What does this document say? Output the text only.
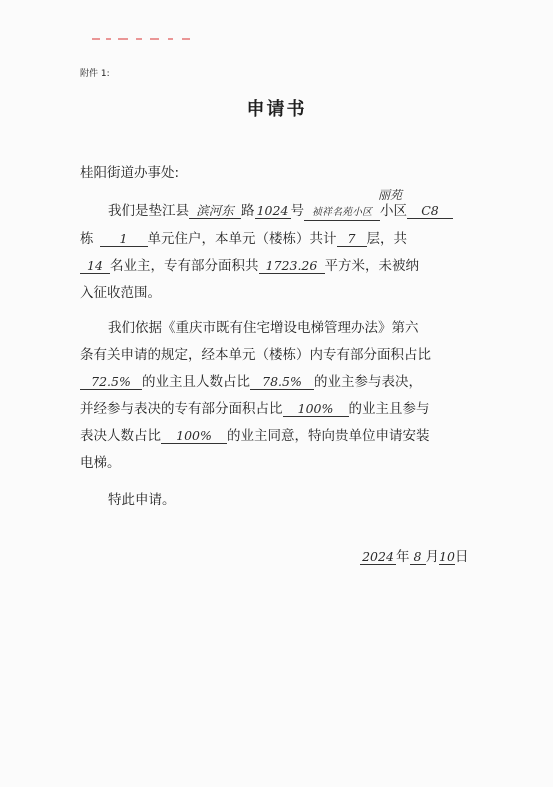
附件 1:
申请书
桂阳街道办事处:
我们是垫江县 滨河东 路 1024 号 祯祥名苑小区 小区 C8
丽苑
栋 1 单元住户，本单元（楼栋）共计 7 层，共
14 名业主，专有部分面积共 1723.26 平方米，未被纳
入征收范围。
我们依据《重庆市既有住宅增设电梯管理办法》第六
条有关申请的规定，经本单元（楼栋）内专有部分面积占比
72.5% 的业主且人数占比 78.5% 的业主参与表决，
并经参与表决的专有部分面积占比 100% 的业主且参与
表决人数占比 100% 的业主同意，特向贵单位申请安装
电梯。
特此申请。
2024 年 8 月10日
